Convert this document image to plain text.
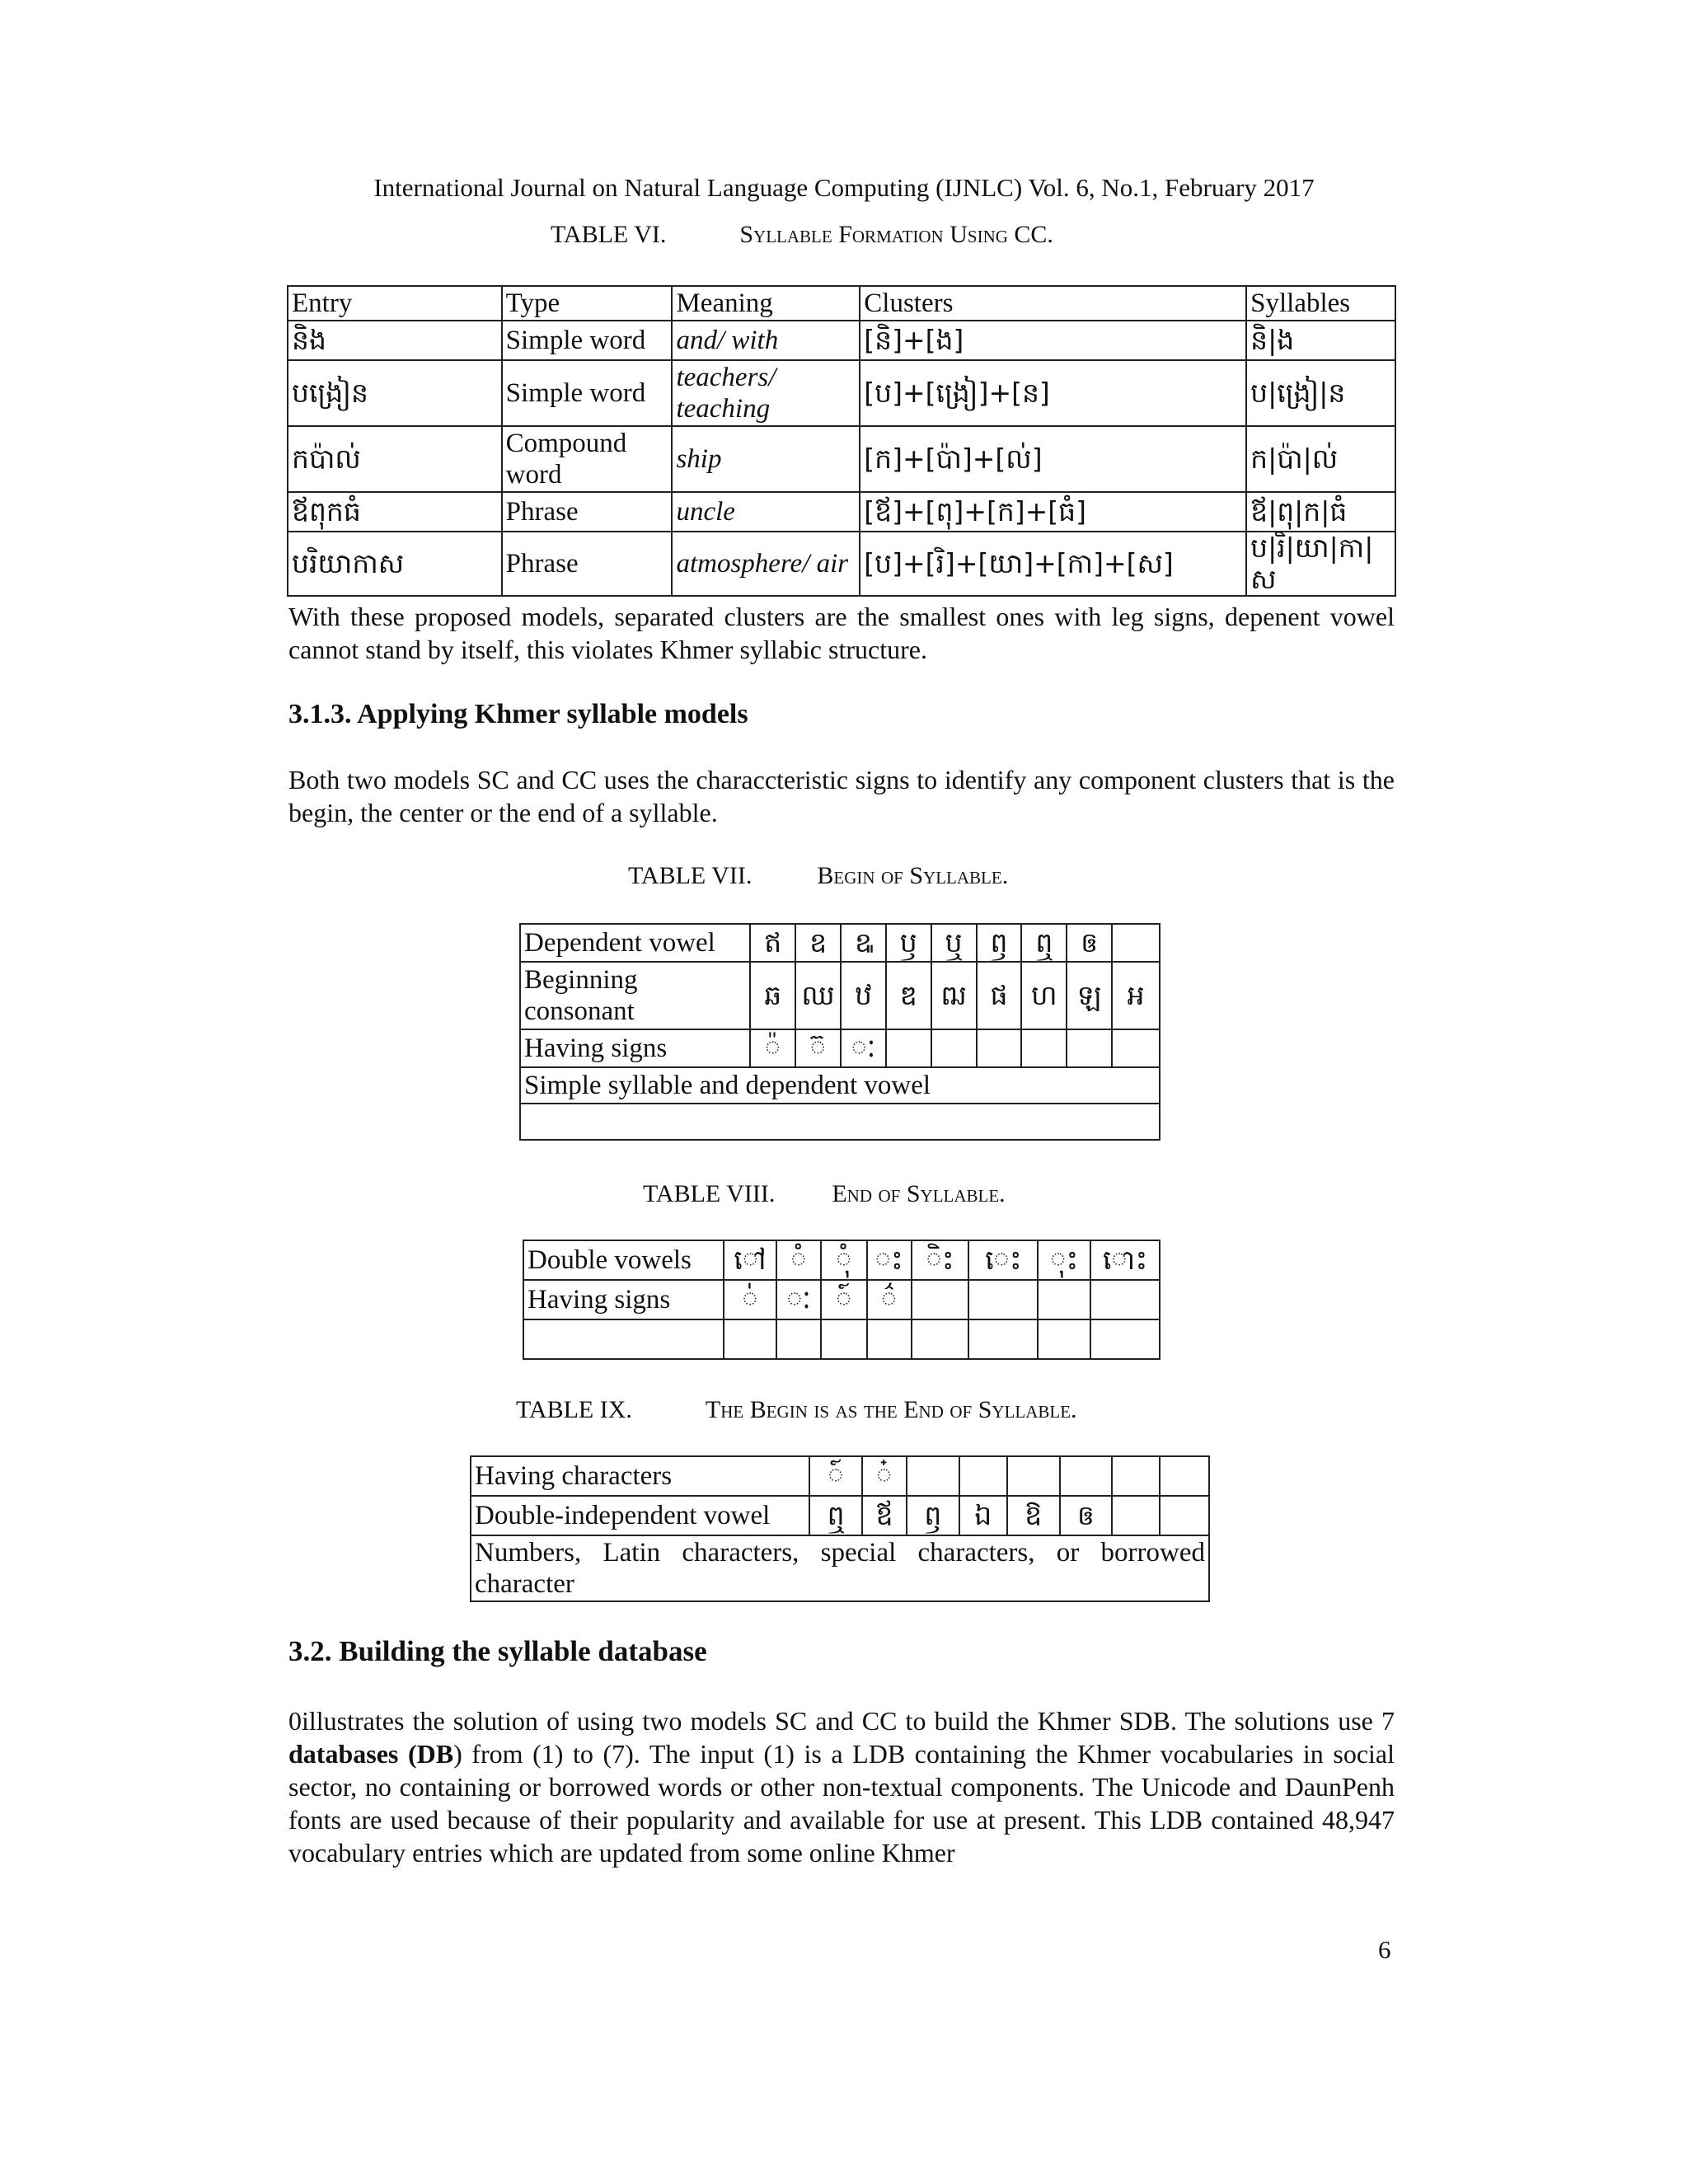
International Journal on Natural Language Computing (IJNLC) Vol. 6, No.1, February 2017
TABLE VI.	Syllable Formation Using CC.
Entry	Type	Meaning	Clusters	Syllables
និង	Simple word	and/ with	[និ]+[ង]	និ|ង
បង្រៀន	Simple word	teachers/ teaching	[ប]+[ង្រៀ]+[ន]	ប|ង្រៀ|ន
កប៉ាល់	Compound word	ship	[ក]+[ប៉ា]+[ល់]	ក|ប៉ា|ល់
ឪពុកធំ	Phrase	uncle	[ឪ]+[ពុ]+[ក]+[ធំ]	ឪ|ពុ|ក|ធំ
បរិយាកាស	Phrase	atmosphere/ air	[ប]+[រិ]+[យា]+[កា]+[ស]	ប|រិ|យា|កា|ស
With these proposed models, separated clusters are the smallest ones with leg signs, depenent vowel cannot stand by itself, this violates Khmer syllabic structure.
3.1.3. Applying Khmer syllable models
Both two models SC and CC uses the characcteristic signs to identify any component clusters that is the begin, the center or the end of a syllable.
TABLE VII.	Begin of Syllable.
Dependent vowel	ឥ	ឧ	ឩ	ឫ	ឬ	ឭ	ឮ	ឲ	
Beginning consonant	ឆ	ឈ	ឋ	ឌ	ឍ	ផ	ហ	ឡ	អ
Having signs	៉	៊	ៈ						
Simple syllable and dependent vowel									

TABLE VIII. End of Syllable.
Double vowels	ៅ	ំ	ុំ	ះ	ិះ	េះ	ុះ	ោះ
Having signs	់	ៈ	៍	៌				

TABLE IX.	The Begin is as the End of Syllable.
Having characters	៍	៎						
Double-independent vowel	ឮ	ឪ	ឭ	ឯ	ឱ	ឲ		
Numbers, Latin characters, special characters, or borrowed character								
3.2. Building the syllable database
0illustrates the solution of using two models SC and CC to build the Khmer SDB. The solutions use 7 databases (DB) from (1) to (7). The input (1) is a LDB containing the Khmer vocabularies in social sector, no containing or borrowed words or other non-textual components. The Unicode and DaunPenh fonts are used because of their popularity and available for use at present. This LDB contained 48,947 vocabulary entries which are updated from some online Khmer
6
